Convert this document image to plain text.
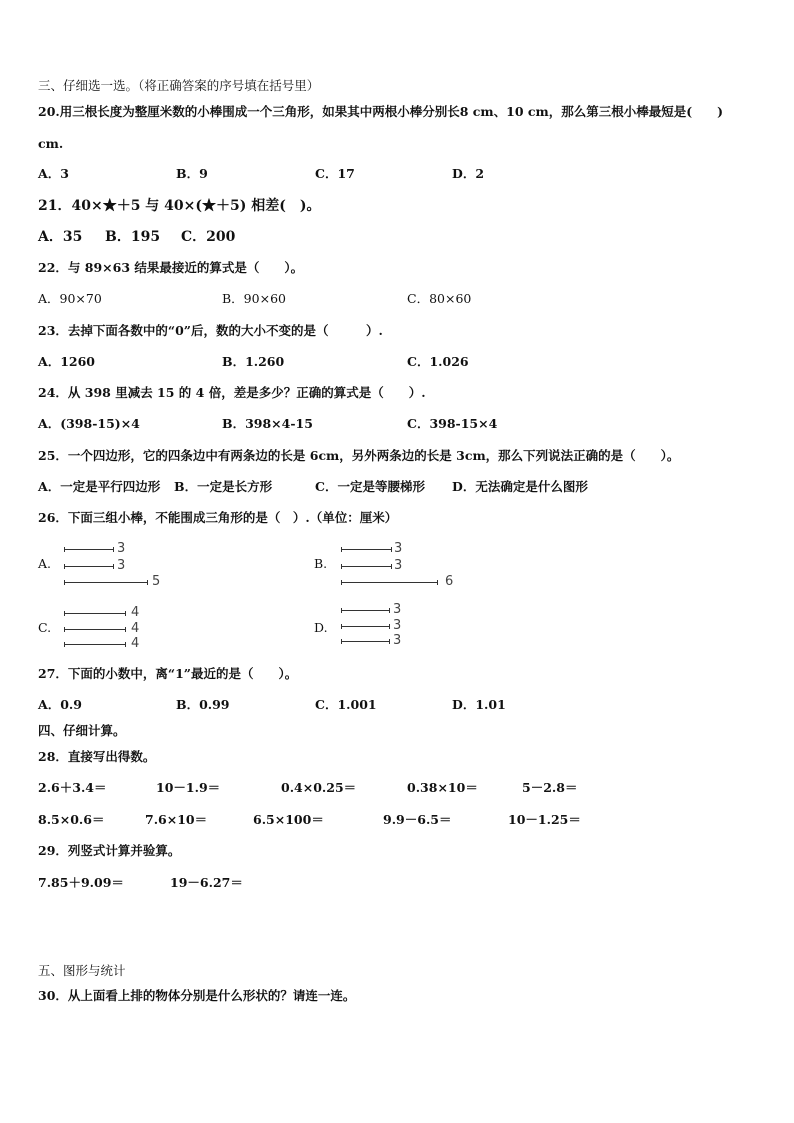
三、仔细选一选。（将正确答案的序号填在括号里）
20.用三根长度为整厘米数的小棒围成一个三角形，如果其中两根小棒分别长8 cm、10 cm，那么第三根小棒最短是(　　)
cm.
A．3	B．9	C．17	D．2
21．40×★＋5 与 40×(★＋5) 相差(　)。
A．35 B．195 C．200
22．与 89×63 结果最接近的算式是（　　）。
A．90×70	B．90×60	C．80×60
23．去掉下面各数中的“0”后，数的大小不变的是（　　　）.
A．1260	B．1.260	C．1.026
24．从 398 里减去 15 的 4 倍，差是多少？正确的算式是（　　）.
A．(398-15)×4	B．398×4-15	C．398-15×4
25．一个四边形，它的四条边中有两条边的长是 6cm，另外两条边的长是 3cm，那么下列说法正确的是（　　）。
A．一定是平行四边形 B．一定是长方形	C．一定是等腰梯形 D．无法确定是什么图形
26．下面三组小棒，不能围成三角形的是（　）.（单位：厘米）
A.
3
3
5
B.
3
3
6
C.
4
4
4
D.
3
3
3
27．下面的小数中，离“1”最近的是（　　）。
A．0.9	B．0.99	C．1.001	D．1.01
四、仔细计算。
28．直接写出得数。
2.6＋3.4＝	10－1.9＝	0.4×0.25＝	0.38×10＝	5－2.8＝
8.5×0.6＝	7.6×10＝	6.5×100＝	9.9－6.5＝	10－1.25＝
29．列竖式计算并验算。
7.85＋9.09＝	19－6.27＝
五、图形与统计
30．从上面看上排的物体分别是什么形状的？请连一连。
